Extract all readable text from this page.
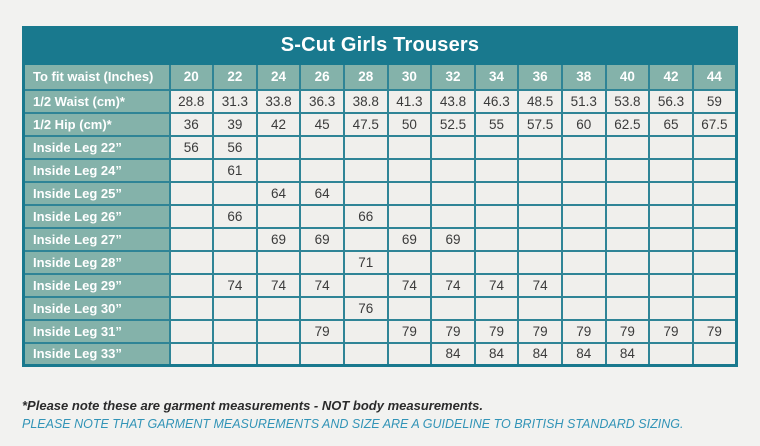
S-Cut Girls Trousers													
To fit waist (Inches)	20	22	24	26	28	30	32	34	36	38	40	42	44
1/2 Waist (cm)*	28.8	31.3	33.8	36.3	38.8	41.3	43.8	46.3	48.5	51.3	53.8	56.3	59
1/2 Hip (cm)*	36	39	42	45	47.5	50	52.5	55	57.5	60	62.5	65	67.5
Inside Leg 22”	56	56											
Inside Leg 24”		61											
Inside Leg 25”			64	64									
Inside Leg 26”		66			66								
Inside Leg 27”			69	69		69	69						
Inside Leg 28”					71								
Inside Leg 29”		74	74	74		74	74	74	74				
Inside Leg 30”					76								
Inside Leg 31”				79		79	79	79	79	79	79	79	79
Inside Leg 33”							84	84	84	84	84		
*Please note these are garment measurements - NOT body measurements.
PLEASE NOTE THAT GARMENT MEASUREMENTS AND SIZE ARE A GUIDELINE TO BRITISH STANDARD SIZING.
